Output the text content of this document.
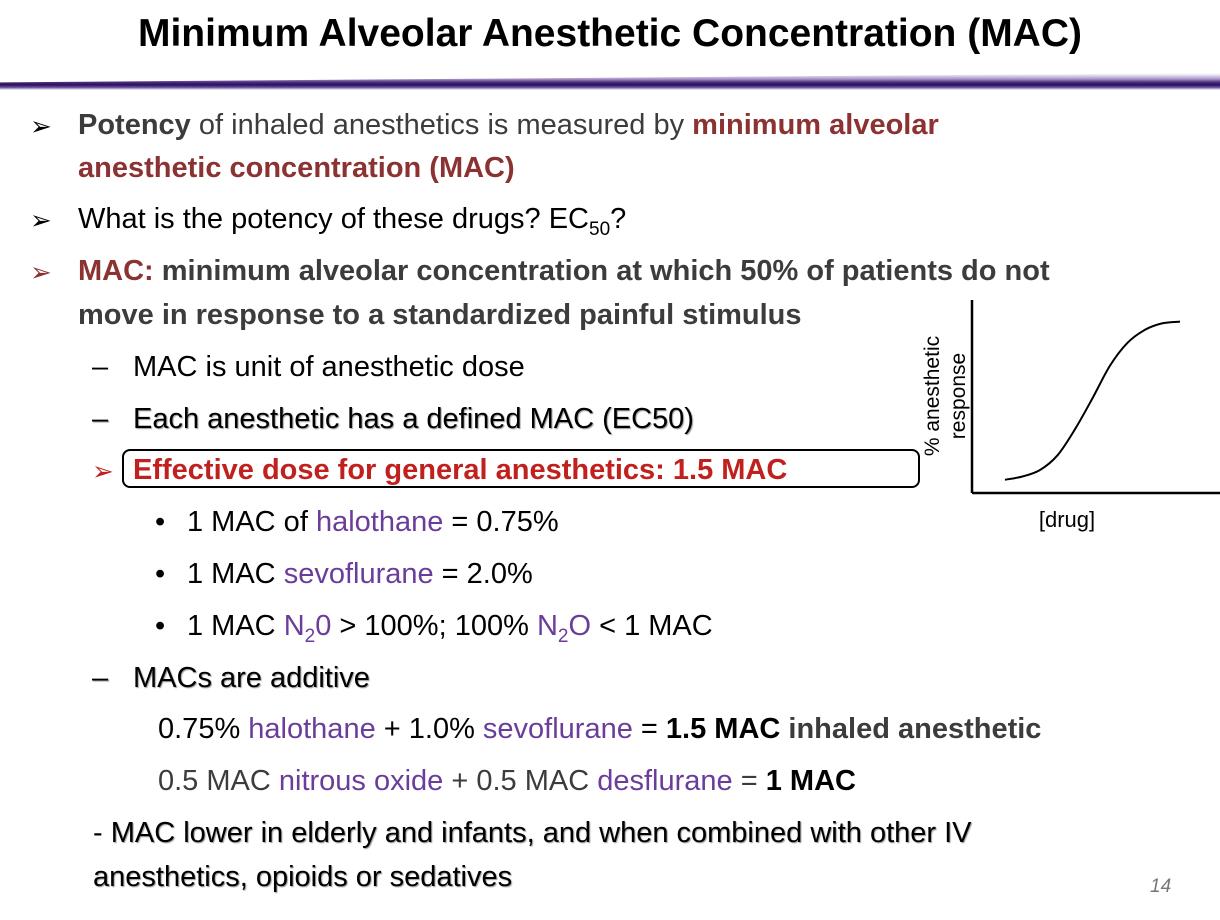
Minimum Alveolar Anesthetic Concentration (MAC)
➢ Potency of inhaled anesthetics is measured by minimum alveolar
anesthetic concentration (MAC)
➢ What is the potency of these drugs? $EC_{50}$?
➢ MAC: minimum alveolar concentration at which 50% of patients do not
move in response to a standardized painful stimulus
– MAC is unit of anesthetic dose
– Each anesthetic has a defined MAC (EC50)
➢ Effective dose for general anesthetics: 1.5 MAC
• 1 MAC of halothane = 0.75%
• 1 MAC sevoflurane = 2.0%
• 1 MAC $N_20 > 100\%$; 100% $N_2O < 1$ MAC
– MACs are additive
0.75% halothane + 1.0% sevoflurane = 1.5 MAC inhaled anesthetic
0.5 MAC nitrous oxide + 0.5 MAC desflurane = 1 MAC
- MAC lower in elderly and infants, and when combined with other IV
anesthetics, opioids or sedatives
% anesthetic response
[drug]
14
